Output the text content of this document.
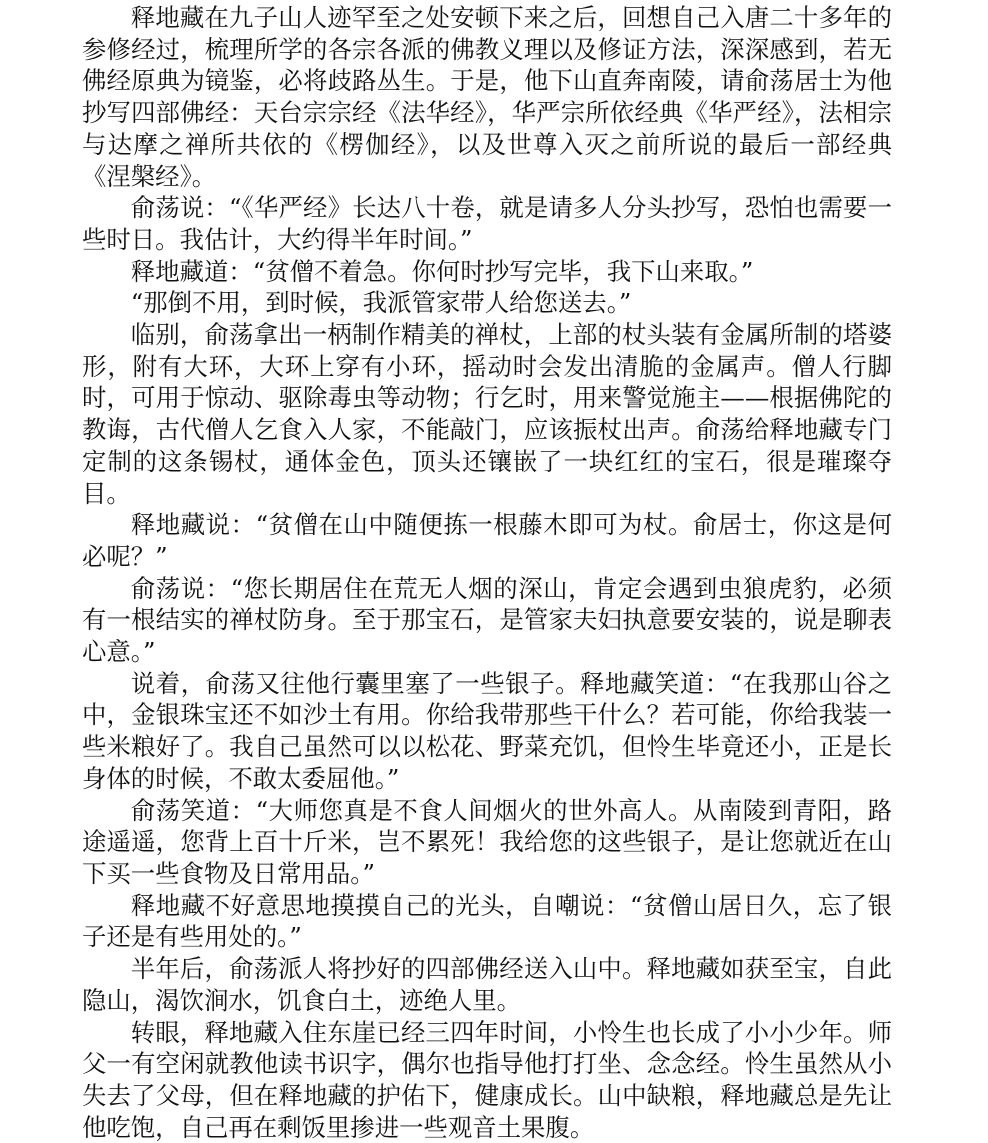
释地藏在九子山人迹罕至之处安顿下来之后，回想自己入唐二十多年的参修经过，梳理所学的各宗各派的佛教义理以及修证方法，深深感到，若无佛经原典为镜鉴，必将歧路丛生。于是，他下山直奔南陵，请俞荡居士为他抄写四部佛经：天台宗宗经《法华经》，华严宗所依经典《华严经》，法相宗与达摩之禅所共依的《楞伽经》，以及世尊入灭之前所说的最后一部经典《涅槃经》。

俞荡说：“《华严经》长达八十卷，就是请多人分头抄写，恐怕也需要一些时日。我估计，大约得半年时间。”

释地藏道：“贫僧不着急。你何时抄写完毕，我下山来取。”

“那倒不用，到时候，我派管家带人给您送去。”

临别，俞荡拿出一柄制作精美的禅杖，上部的杖头装有金属所制的塔婆形，附有大环，大环上穿有小环，摇动时会发出清脆的金属声。僧人行脚时，可用于惊动、驱除毒虫等动物；行乞时，用来警觉施主——根据佛陀的教诲，古代僧人乞食入人家，不能敲门，应该振杖出声。俞荡给释地藏专门定制的这条锡杖，通体金色，顶头还镶嵌了一块红红的宝石，很是璀璨夺目。

释地藏说：“贫僧在山中随便拣一根藤木即可为杖。俞居士，你这是何必呢？”

俞荡说：“您长期居住在荒无人烟的深山，肯定会遇到虫狼虎豹，必须有一根结实的禅杖防身。至于那宝石，是管家夫妇执意要安装的，说是聊表心意。”

说着，俞荡又往他行囊里塞了一些银子。释地藏笑道：“在我那山谷之中，金银珠宝还不如沙土有用。你给我带那些干什么？若可能，你给我装一些米粮好了。我自己虽然可以以松花、野菜充饥，但怜生毕竟还小，正是长身体的时候，不敢太委屈他。”

俞荡笑道：“大师您真是不食人间烟火的世外高人。从南陵到青阳，路途遥遥，您背上百十斤米，岂不累死！我给您的这些银子，是让您就近在山下买一些食物及日常用品。”

释地藏不好意思地摸摸自己的光头，自嘲说：“贫僧山居日久，忘了银子还是有些用处的。”

半年后，俞荡派人将抄好的四部佛经送入山中。释地藏如获至宝，自此隐山，渴饮涧水，饥食白土，迹绝人里。

转眼，释地藏入住东崖已经三四年时间，小怜生也长成了小小少年。师父一有空闲就教他读书识字，偶尔也指导他打打坐、念念经。怜生虽然从小失去了父母，但在释地藏的护佑下，健康成长。山中缺粮，释地藏总是先让他吃饱，自己再在剩饭里掺进一些观音土果腹。
